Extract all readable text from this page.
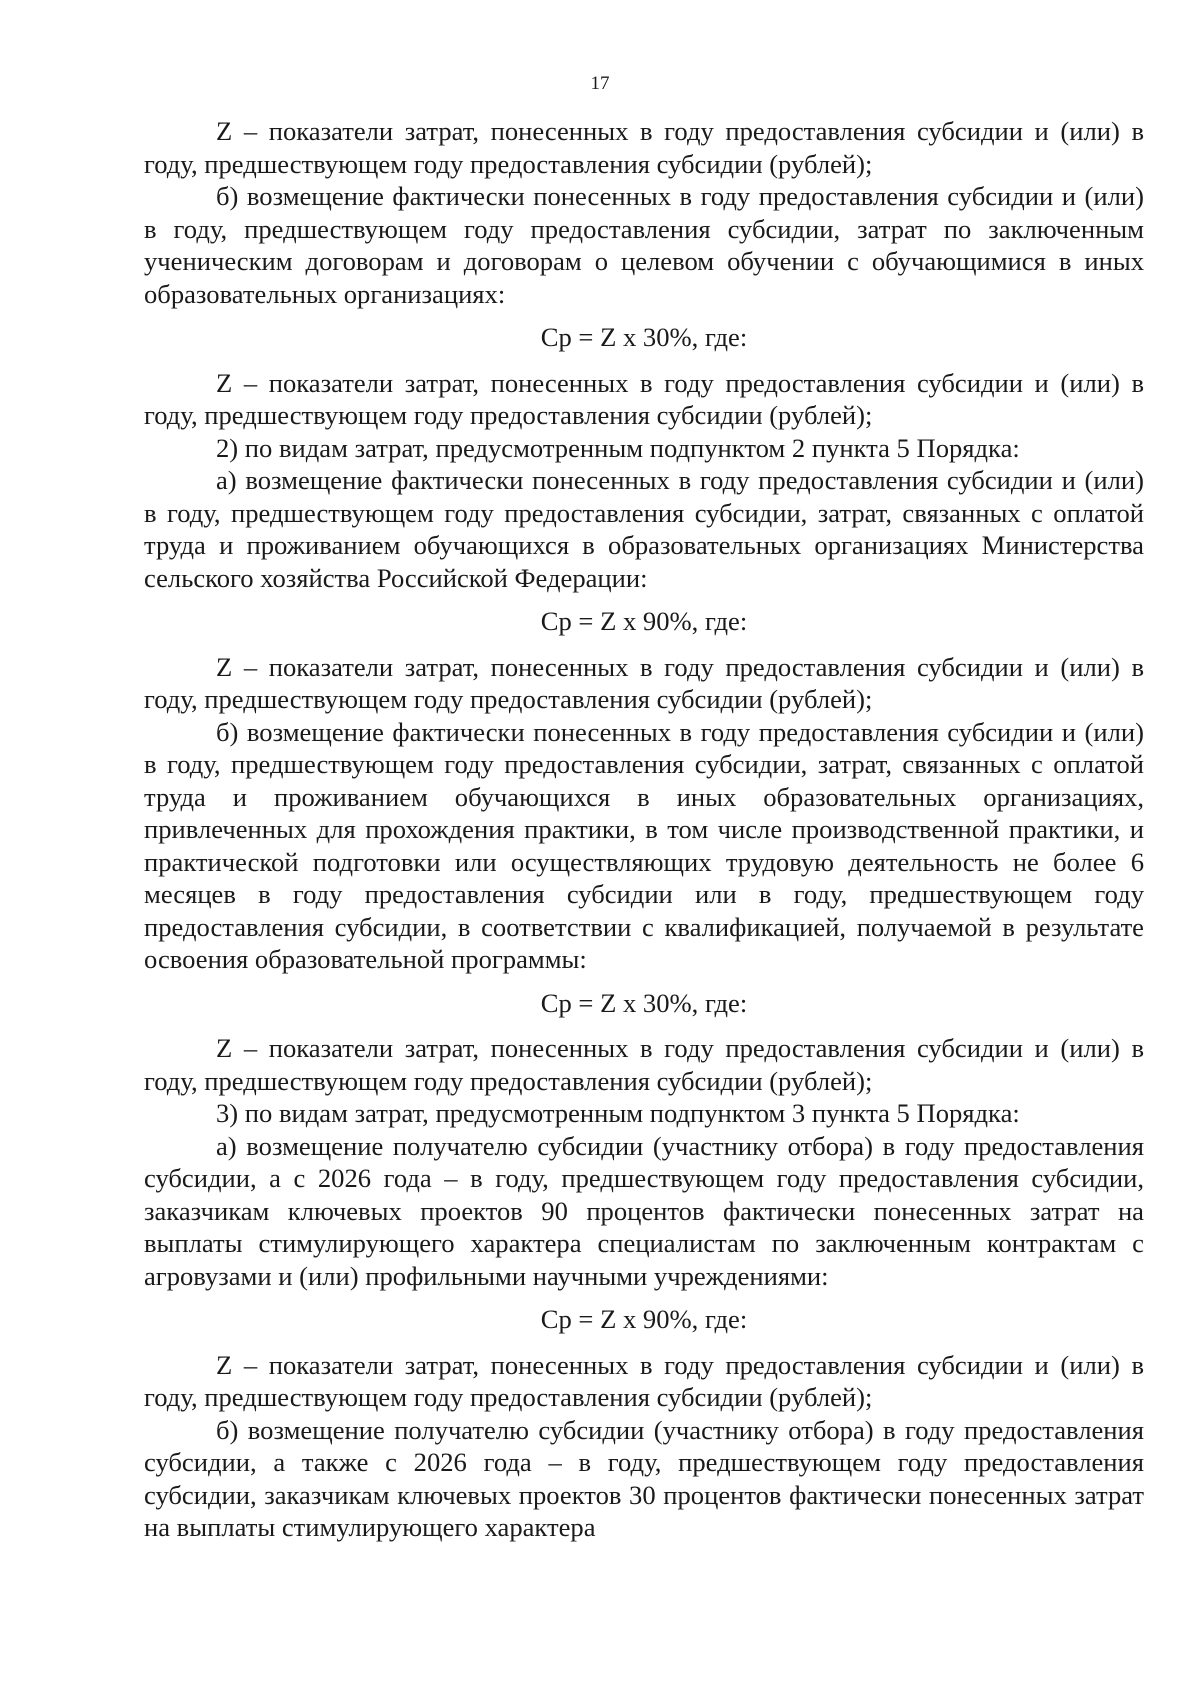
17

Z – показатели затрат, понесенных в году предоставления субсидии и (или) в году, предшествующем году предоставления субсидии (рублей);

б) возмещение фактически понесенных в году предоставления субсидии и (или) в году, предшествующем году предоставления субсидии, затрат по заключенным ученическим договорам и договорам о целевом обучении с обучающимися в иных образовательных организациях:

Ср = Z х 30%, где:

Z – показатели затрат, понесенных в году предоставления субсидии и (или) в году, предшествующем году предоставления субсидии (рублей);

2) по видам затрат, предусмотренным подпунктом 2 пункта 5 Порядка:

а) возмещение фактически понесенных в году предоставления субсидии и (или) в году, предшествующем году предоставления субсидии, затрат, связанных с оплатой труда и проживанием обучающихся в образовательных организациях Министерства сельского хозяйства Российской Федерации:

Ср = Z х 90%, где:

Z – показатели затрат, понесенных в году предоставления субсидии и (или) в году, предшествующем году предоставления субсидии (рублей);

б) возмещение фактически понесенных в году предоставления субсидии и (или) в году, предшествующем году предоставления субсидии, затрат, связанных с оплатой труда и проживанием обучающихся в иных образовательных организациях, привлеченных для прохождения практики, в том числе производственной практики, и практической подготовки или осуществляющих трудовую деятельность не более 6 месяцев в году предоставления субсидии или в году, предшествующем году предоставления субсидии, в соответствии с квалификацией, получаемой в результате освоения образовательной программы:

Ср = Z х 30%, где:

Z – показатели затрат, понесенных в году предоставления субсидии и (или) в году, предшествующем году предоставления субсидии (рублей);

3) по видам затрат, предусмотренным подпунктом 3 пункта 5 Порядка:

а) возмещение получателю субсидии (участнику отбора) в году предоставления субсидии, а с 2026 года – в году, предшествующем году предоставления субсидии, заказчикам ключевых проектов 90 процентов фактически понесенных затрат на выплаты стимулирующего характера специалистам по заключенным контрактам с агровузами и (или) профильными научными учреждениями:

Ср = Z х 90%, где:

Z – показатели затрат, понесенных в году предоставления субсидии и (или) в году, предшествующем году предоставления субсидии (рублей);

б) возмещение получателю субсидии (участнику отбора) в году предоставления субсидии, а также с 2026 года – в году, предшествующем году предоставления субсидии, заказчикам ключевых проектов 30 процентов фактически понесенных затрат на выплаты стимулирующего характера
